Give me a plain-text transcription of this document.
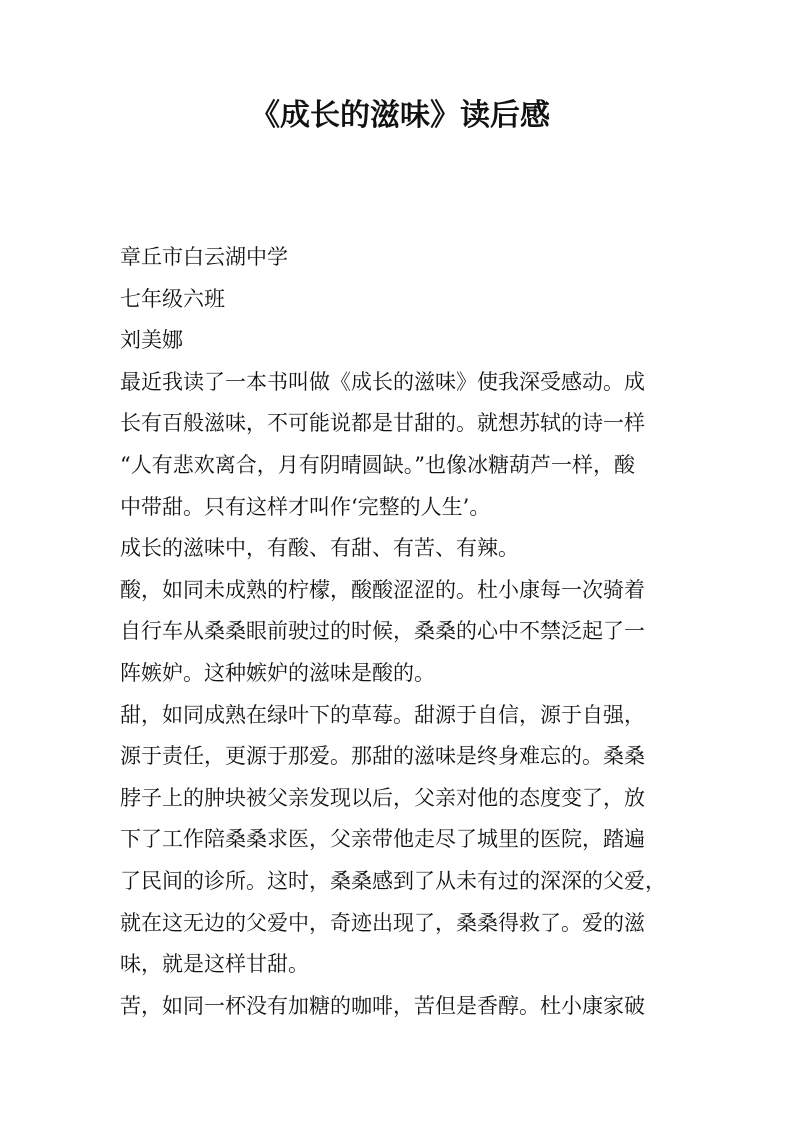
《成长的滋味》读后感
章丘市白云湖中学
七年级六班
刘美娜
最近我读了一本书叫做《成长的滋味》使我深受感动。成
长有百般滋味，不可能说都是甘甜的。就想苏轼的诗一样
“人有悲欢离合，月有阴晴圆缺。”也像冰糖葫芦一样，酸
中带甜。只有这样才叫作‘完整的人生’。
成长的滋味中，有酸、有甜、有苦、有辣。
酸，如同未成熟的柠檬，酸酸涩涩的。杜小康每一次骑着
自行车从桑桑眼前驶过的时候，桑桑的心中不禁泛起了一
阵嫉妒。这种嫉妒的滋味是酸的。
甜，如同成熟在绿叶下的草莓。甜源于自信，源于自强，
源于责任，更源于那爱。那甜的滋味是终身难忘的。桑桑
脖子上的肿块被父亲发现以后，父亲对他的态度变了，放
下了工作陪桑桑求医，父亲带他走尽了城里的医院，踏遍
了民间的诊所。这时，桑桑感到了从未有过的深深的父爱，
就在这无边的父爱中，奇迹出现了，桑桑得救了。爱的滋
味，就是这样甘甜。
苦，如同一杯没有加糖的咖啡，苦但是香醇。杜小康家破
